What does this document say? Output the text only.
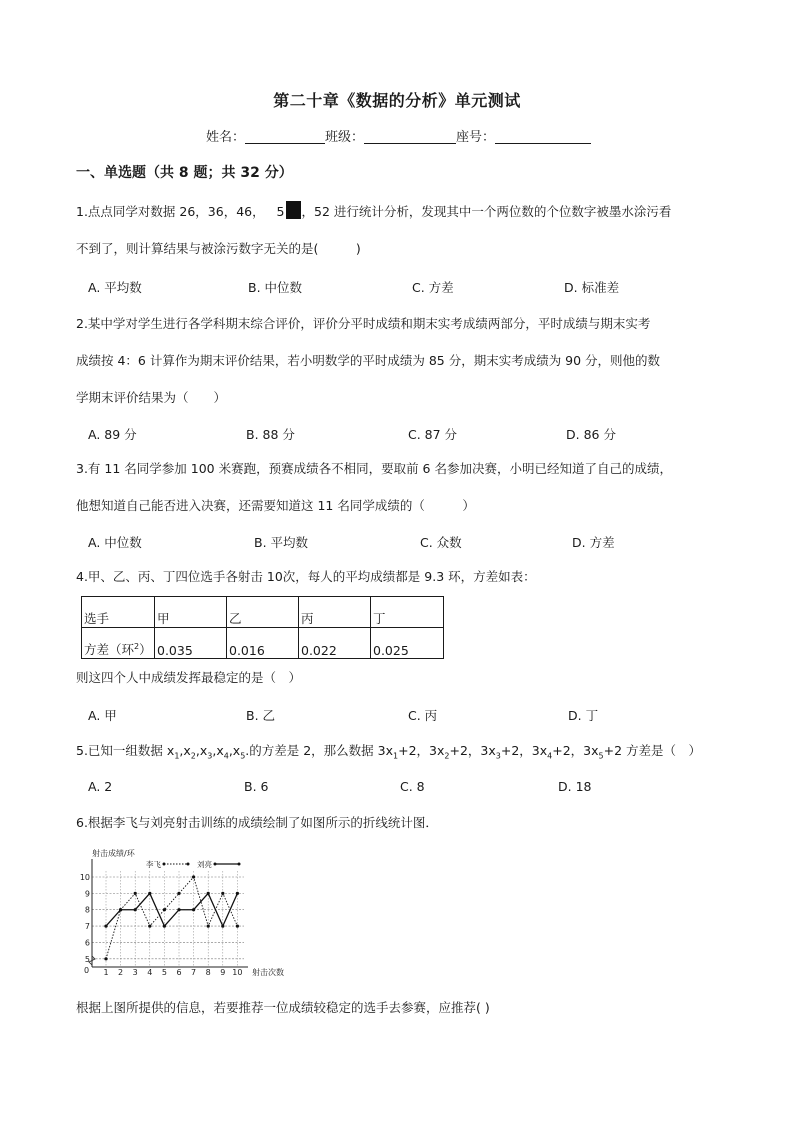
第二十章《数据的分析》单元测试
姓名：	班级：	座号：
一、单选题（共 8 题；共 32 分）

1.点点同学对数据 26，36，46， 5 ，52 进行统计分析，发现其中一个两位数的个位数字被墨水涂污看

不到了，则计算结果与被涂污数字无关的是(　　　)

A. 平均数	B. 中位数	C. 方差	D. 标准差

2.某中学对学生进行各学科期末综合评价，评价分平时成绩和期末实考成绩两部分，平时成绩与期末实考

成绩按 4：6 计算作为期末评价结果，若小明数学的平时成绩为 85 分，期末实考成绩为 90 分，则他的数

学期末评价结果为（　　）

A. 89 分	B. 88 分	C. 87 分	D. 86 分

3.有 11 名同学参加 100 米赛跑，预赛成绩各不相同，要取前 6 名参加决赛，小明已经知道了自己的成绩，

他想知道自己能否进入决赛，还需要知道这 11 名同学成绩的（　　　）

A. 中位数	B. 平均数	C. 众数	D. 方差

4.甲、乙、丙、丁四位选手各射击 10次，每人的平均成绩都是 9.3 环，方差如表：

选手	甲	乙	丙	丁
方差（环$^2$）	0.035	0.016	0.022	0.025

则这四个人中成绩发挥最稳定的是（　）

A. 甲	B. 乙	C. 丙	D. 丁

5.已知一组数据 $x_1,x_2,x_3,x_4,x_5$.的方差是 2，那么数据 $3x_1+2$，$3x_2+2$，$3x_3+2$，$3x_4+2$，$3x_5+2$ 方差是（　）

A. 2	B. 6	C. 8	D. 18

6.根据李飞与刘亮射击训练的成绩绘制了如图所示的折线统计图．

5
6
7
8
9
10
1 2 3 4 5 6 7 8 9 10
李飞	刘亮
射击成绩/环
射击次数
0

根据上图所提供的信息，若要推荐一位成绩较稳定的选手去参赛，应推荐( )
